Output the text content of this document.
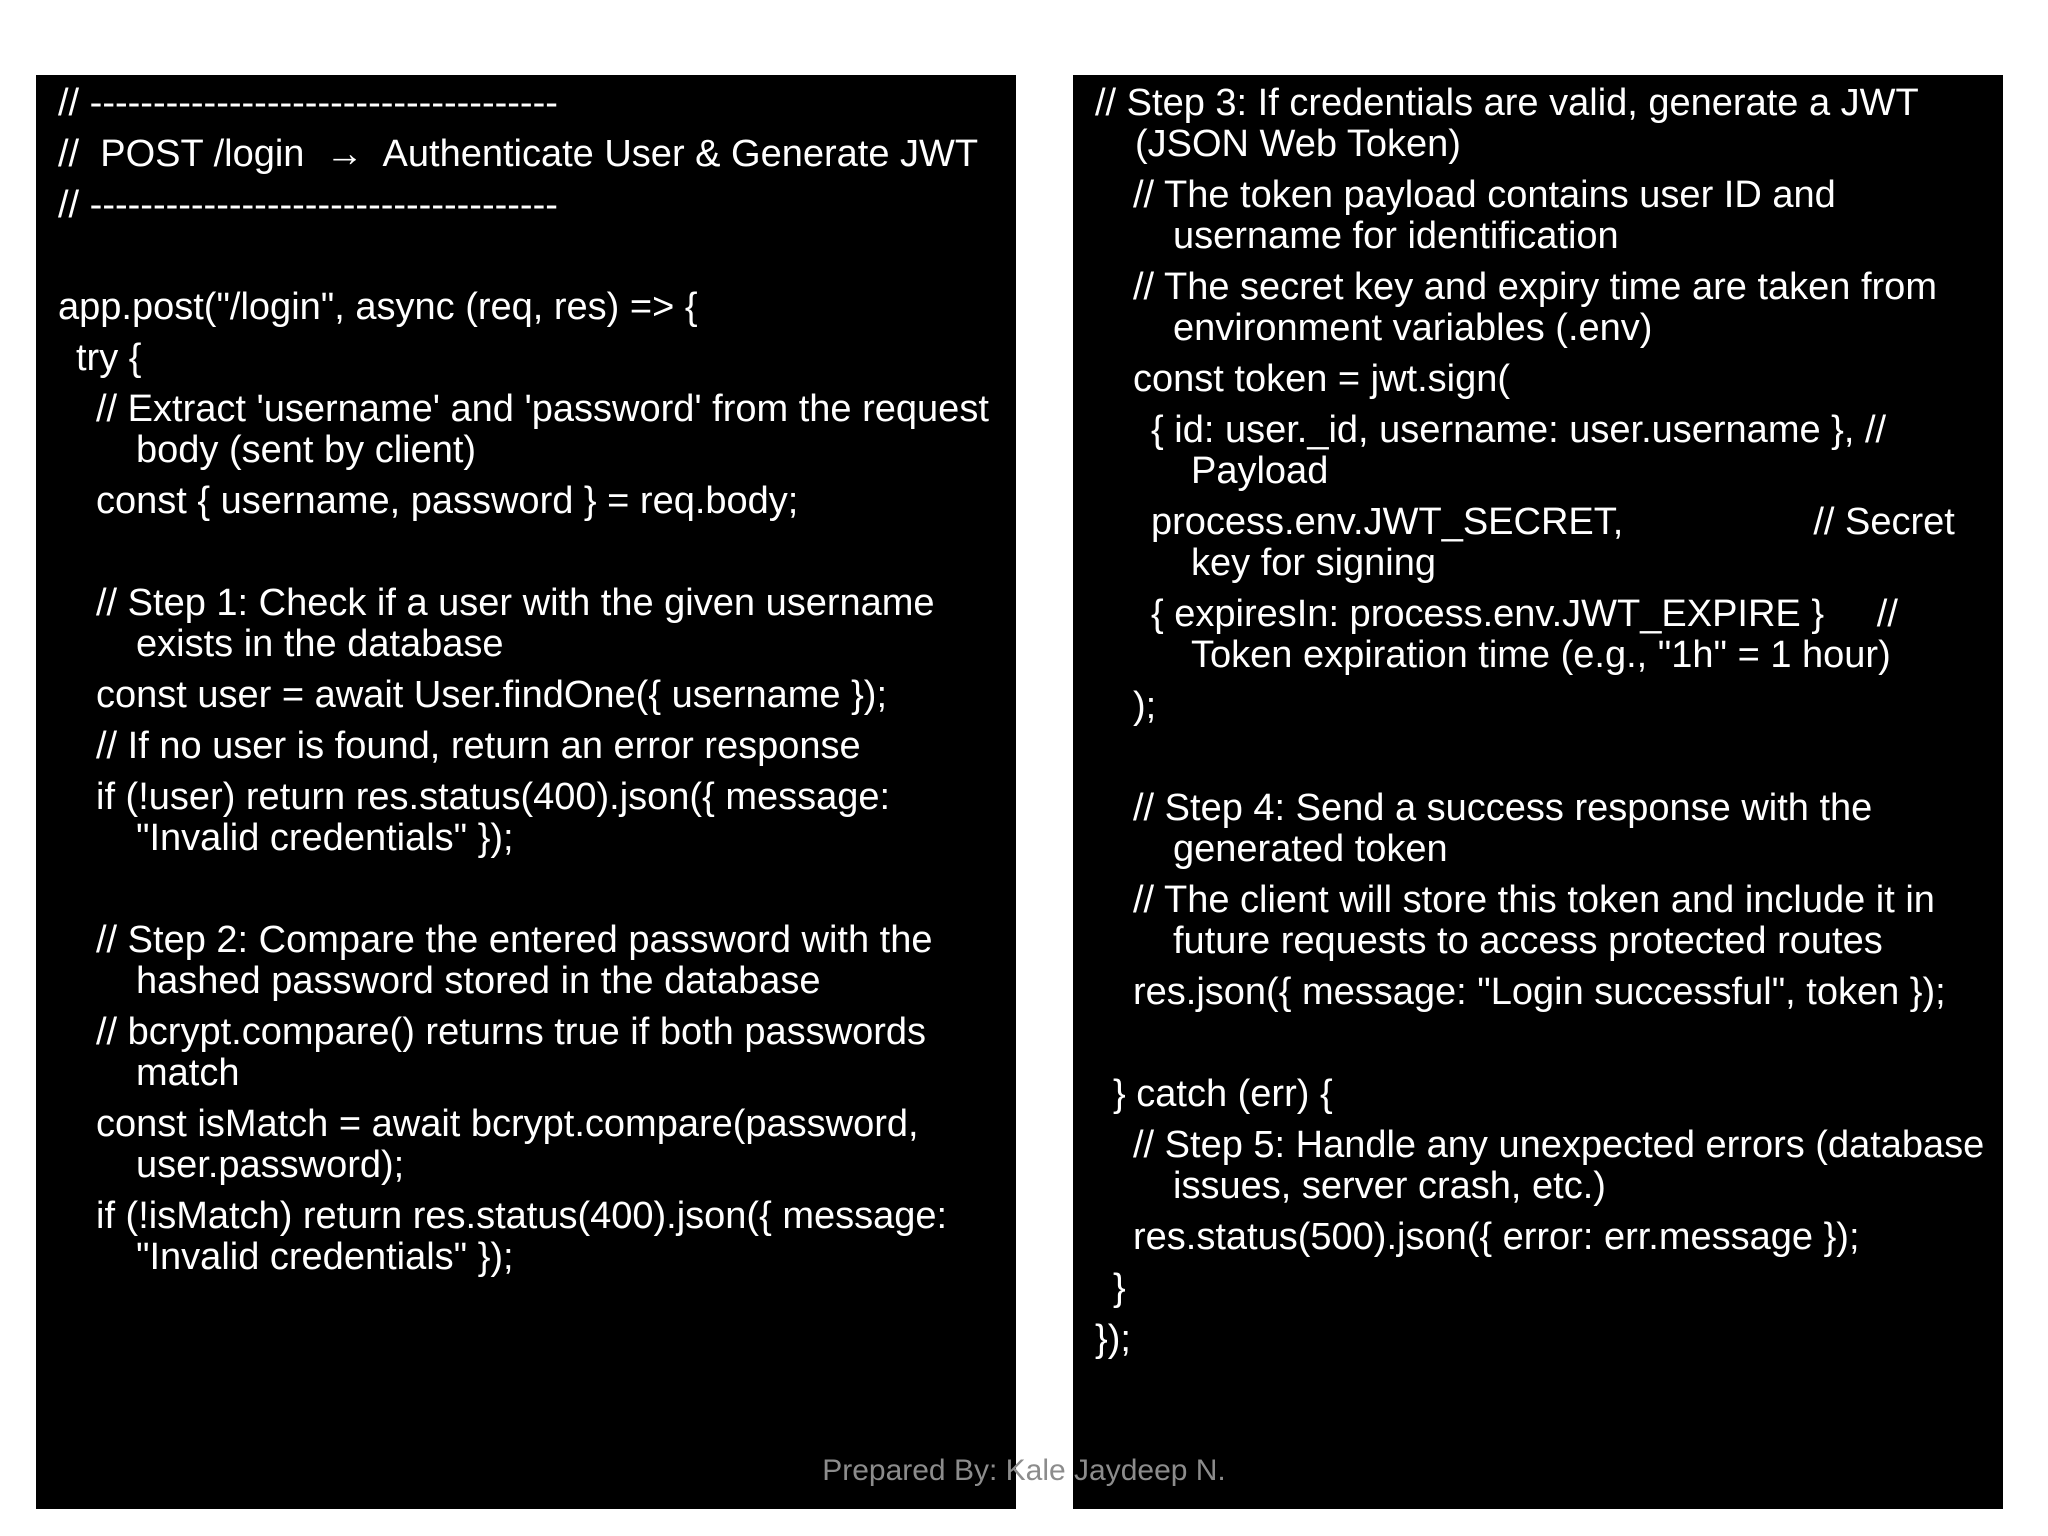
// -------------------------------------
//  POST /login  →  Authenticate User & Generate JWT
// -------------------------------------
app.post("/login", async (req, res) => {
try {
// Extract 'username' and 'password' from the request body (sent by client)
const { username, password } = req.body;
// Step 1: Check if a user with the given username exists in the database
const user = await User.findOne({ username });
// If no user is found, return an error response
if (!user) return res.status(400).json({ message: "Invalid credentials" });
// Step 2: Compare the entered password with the hashed password stored in the database
// bcrypt.compare() returns true if both passwords match
const isMatch = await bcrypt.compare(password, user.password);
if (!isMatch) return res.status(400).json({ message: "Invalid credentials" });
// Step 3: If credentials are valid, generate a JWT (JSON Web Token)
// The token payload contains user ID and username for identification
// The secret key and expiry time are taken from environment variables (.env)
const token = jwt.sign(
{ id: user._id, username: user.username }, // Payload
process.env.JWT_SECRET,                  // Secret key for signing
{ expiresIn: process.env.JWT_EXPIRE }     // Token expiration time (e.g., "1h" = 1 hour)
);
// Step 4: Send a success response with the generated token
// The client will store this token and include it in future requests to access protected routes
res.json({ message: "Login successful", token });
} catch (err) {
// Step 5: Handle any unexpected errors (database issues, server crash, etc.)
res.status(500).json({ error: err.message });
}
});
Prepared By: Kale Jaydeep N.
